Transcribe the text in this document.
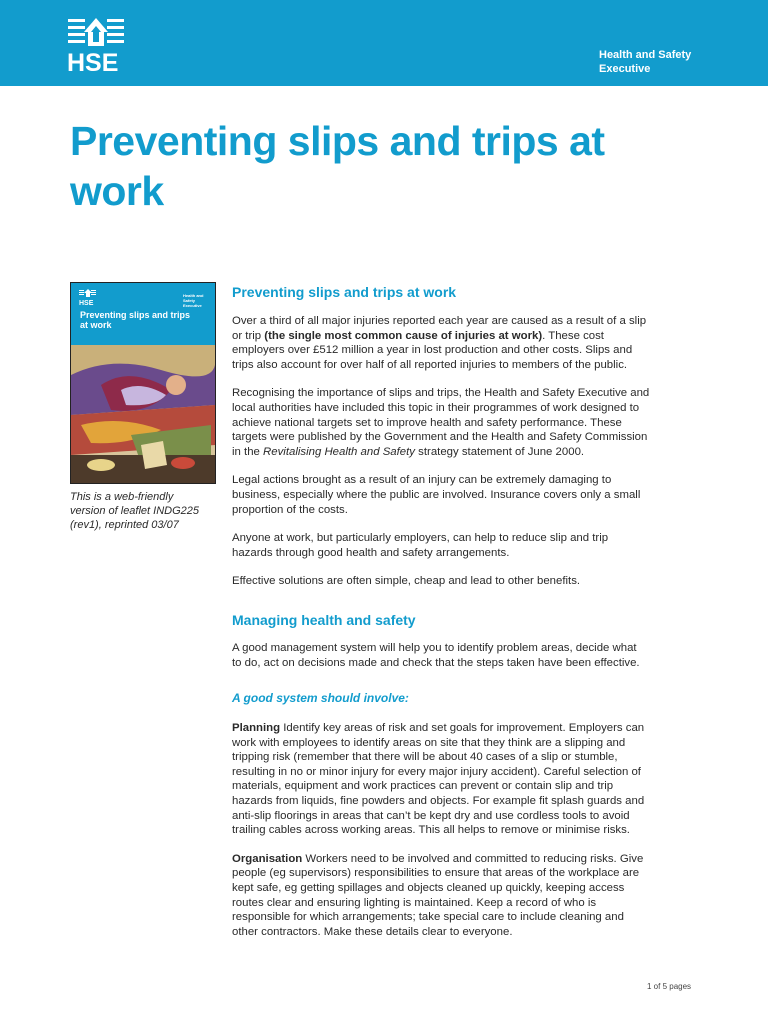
HSE	Health and Safety
Executive
Preventing slips and trips at
work
HSE
Health and Safety
Executive
Preventing slips and trips
at work
This is a web-friendly
version of leaflet INDG225
(rev1), reprinted 03/07
Preventing slips and trips at work
Over a third of all major injuries reported each year are caused as a result of a slip
or trip (the single most common cause of injuries at work). These cost
employers over £512 million a year in lost production and other costs. Slips and
trips also account for over half of all reported injuries to members of the public.
Recognising the importance of slips and trips, the Health and Safety Executive and
local authorities have included this topic in their programmes of work designed to
achieve national targets set to improve health and safety performance. These
targets were published by the Government and the Health and Safety Commission
in the Revitalising Health and Safety strategy statement of June 2000.
Legal actions brought as a result of an injury can be extremely damaging to
business, especially where the public are involved. Insurance covers only a small
proportion of the costs.
Anyone at work, but particularly employers, can help to reduce slip and trip
hazards through good health and safety arrangements.
Effective solutions are often simple, cheap and lead to other benefits.
Managing health and safety
A good management system will help you to identify problem areas, decide what
to do, act on decisions made and check that the steps taken have been effective.
A good system should involve:
Planning Identify key areas of risk and set goals for improvement. Employers can
work with employees to identify areas on site that they think are a slipping and
tripping risk (remember that there will be about 40 cases of a slip or stumble,
resulting in no or minor injury for every major injury accident). Careful selection of
materials, equipment and work practices can prevent or contain slip and trip
hazards from liquids, fine powders and objects. For example fit splash guards and
anti-slip floorings in areas that can’t be kept dry and use cordless tools to avoid
trailing cables across working areas. This all helps to remove or minimise risks.
Organisation Workers need to be involved and committed to reducing risks. Give
people (eg supervisors) responsibilities to ensure that areas of the workplace are
kept safe, eg getting spillages and objects cleaned up quickly, keeping access
routes clear and ensuring lighting is maintained. Keep a record of who is
responsible for which arrangements; take special care to include cleaning and
other contractors. Make these details clear to everyone.
1 of 5 pages
